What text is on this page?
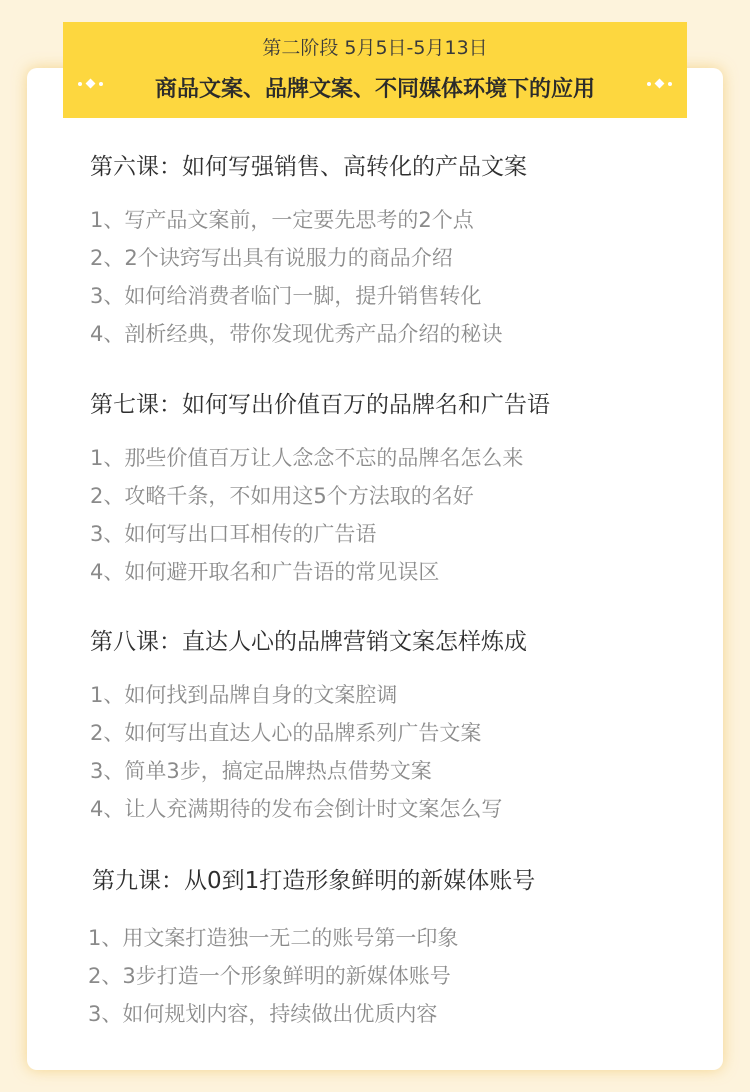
第二阶段 5月5日-5月13日
商品文案、品牌文案、不同媒体环境下的应用
第六课：如何写强销售、高转化的产品文案
1、写产品文案前，一定要先思考的2个点
2、2个诀窍写出具有说服力的商品介绍
3、如何给消费者临门一脚，提升销售转化
4、剖析经典，带你发现优秀产品介绍的秘诀
第七课：如何写出价值百万的品牌名和广告语
1、那些价值百万让人念念不忘的品牌名怎么来
2、攻略千条，不如用这5个方法取的名好
3、如何写出口耳相传的广告语
4、如何避开取名和广告语的常见误区
第八课：直达人心的品牌营销文案怎样炼成
1、如何找到品牌自身的文案腔调
2、如何写出直达人心的品牌系列广告文案
3、简单3步，搞定品牌热点借势文案
4、让人充满期待的发布会倒计时文案怎么写
第九课：从0到1打造形象鲜明的新媒体账号
1、用文案打造独一无二的账号第一印象
2、3步打造一个形象鲜明的新媒体账号
3、如何规划内容，持续做出优质内容
